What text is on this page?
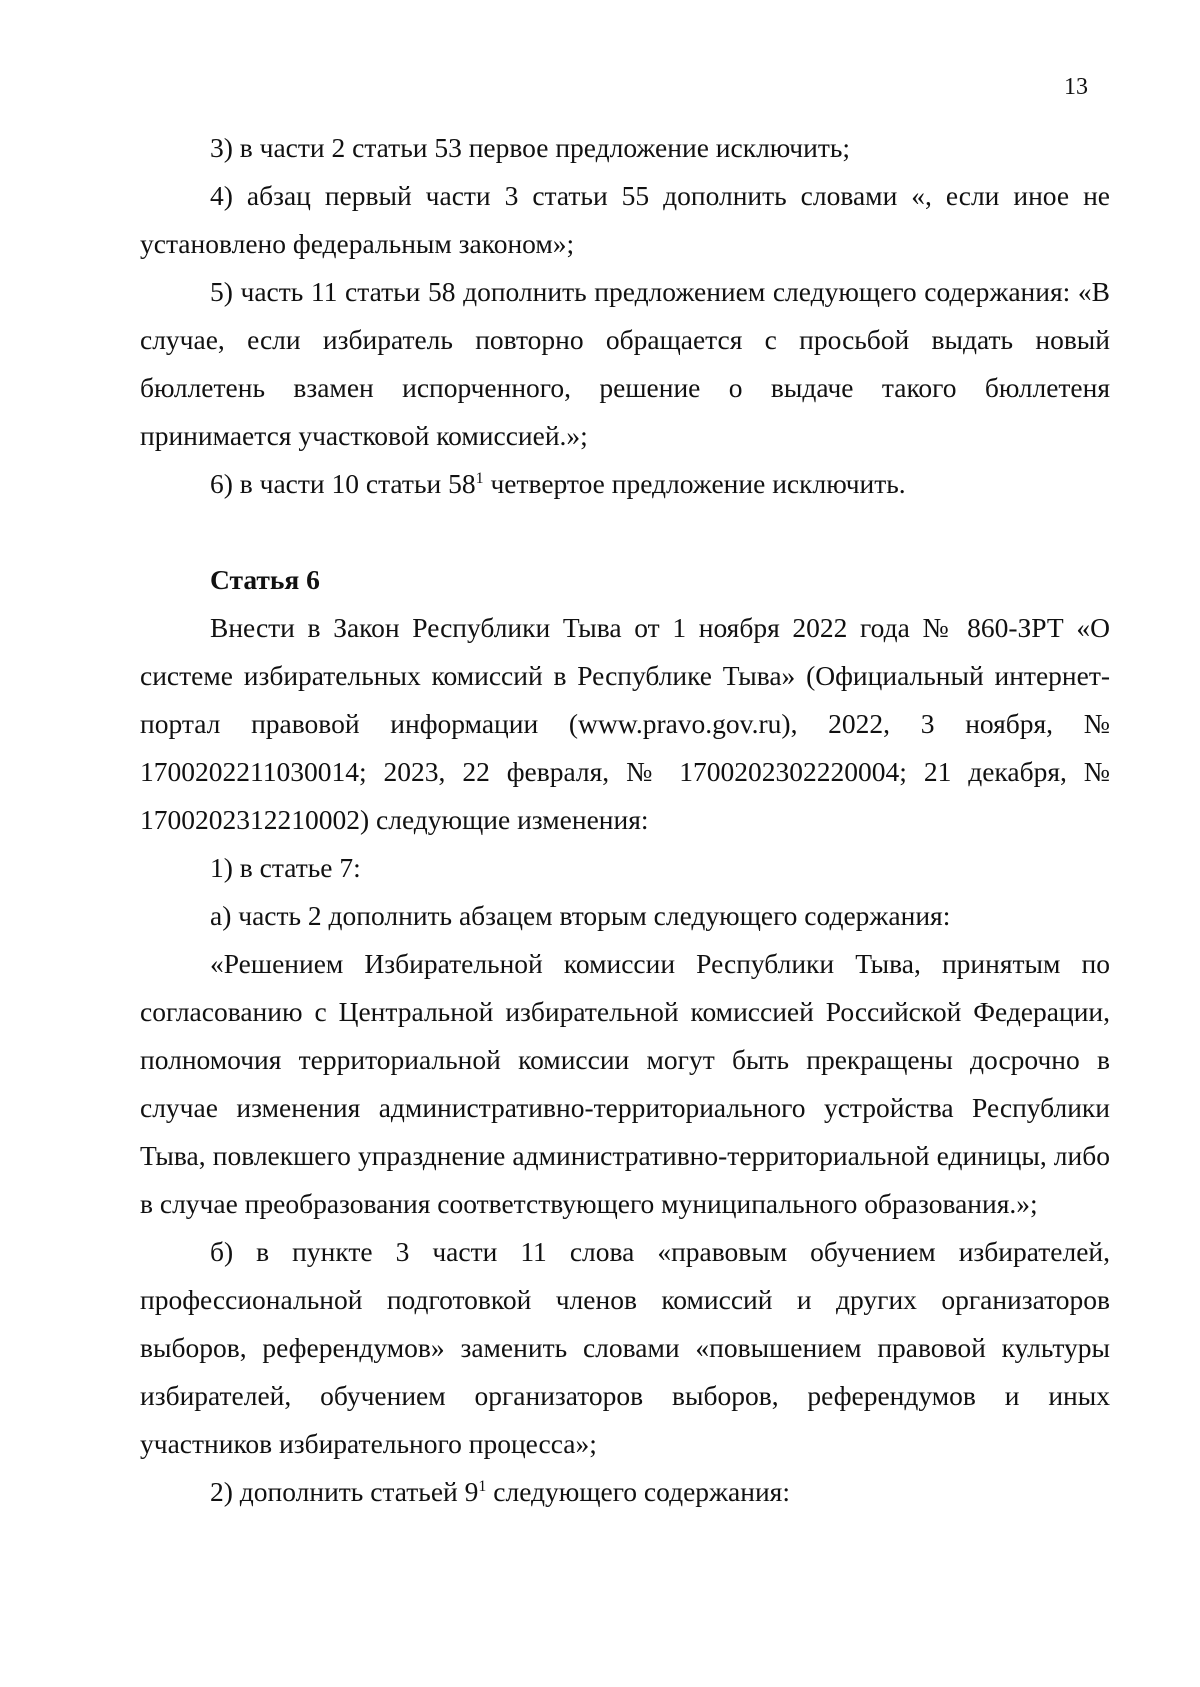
13

3) в части 2 статьи 53 первое предложение исключить;

4) абзац первый части 3 статьи 55 дополнить словами «, если иное не установлено федеральным законом»;

5) часть 11 статьи 58 дополнить предложением следующего содержания: «В случае, если избиратель повторно обращается с просьбой выдать новый бюллетень взамен испорченного, решение о выдаче такого бюллетеня принимается участковой комиссией.»;

6) в части 10 статьи $58^1$ четвертое предложение исключить.

Статья 6

Внести в Закон Республики Тыва от 1 ноября 2022 года № 860-ЗРТ «О системе избирательных комиссий в Республике Тыва» (Официальный интернет-портал правовой информации (www.pravo.gov.ru), 2022, 3 ноября, № 1700202211030014; 2023, 22 февраля, № 1700202302220004; 21 декабря, № 1700202312210002) следующие изменения:

1) в статье 7:

а) часть 2 дополнить абзацем вторым следующего содержания:

«Решением Избирательной комиссии Республики Тыва, принятым по согласованию с Центральной избирательной комиссией Российской Федерации, полномочия территориальной комиссии могут быть прекращены досрочно в случае изменения административно-территориального устройства Республики Тыва, повлекшего упразднение административно-территориальной единицы, либо в случае преобразования соответствующего муниципального образования.»;

б) в пункте 3 части 11 слова «правовым обучением избирателей, профессиональной подготовкой членов комиссий и других организаторов выборов, референдумов» заменить словами «повышением правовой культуры избирателей, обучением организаторов выборов, референдумов и иных участников избирательного процесса»;

2) дополнить статьей $9^1$ следующего содержания:
